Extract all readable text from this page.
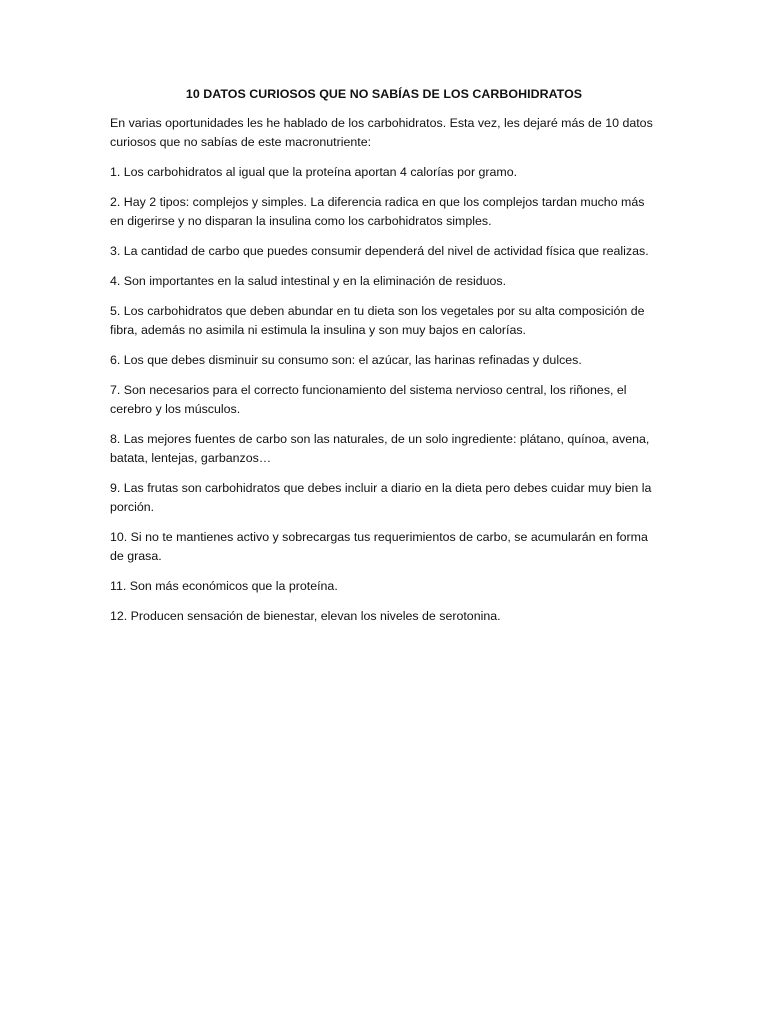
10 DATOS CURIOSOS QUE NO SABÍAS DE LOS CARBOHIDRATOS

En varias oportunidades les he hablado de los carbohidratos. Esta vez, les dejaré más de 10 datos curiosos que no sabías de este macronutriente:

1. Los carbohidratos al igual que la proteína aportan 4 calorías por gramo.
2. Hay 2 tipos: complejos y simples. La diferencia radica en que los complejos tardan mucho más en digerirse y no disparan la insulina como los carbohidratos simples.
3. La cantidad de carbo que puedes consumir dependerá del nivel de actividad física que realizas.
4. Son importantes en la salud intestinal y en la eliminación de residuos.
5. Los carbohidratos que deben abundar en tu dieta son los vegetales por su alta composición de fibra, además no asimila ni estimula la insulina y son muy bajos en calorías.
6. Los que debes disminuir su consumo son: el azúcar, las harinas refinadas y dulces.
7. Son necesarios para el correcto funcionamiento del sistema nervioso central, los riñones, el cerebro y los músculos.
8. Las mejores fuentes de carbo son las naturales, de un solo ingrediente: plátano, quínoa, avena, batata, lentejas, garbanzos…
9. Las frutas son carbohidratos que debes incluir a diario en la dieta pero debes cuidar muy bien la porción.
10. Si no te mantienes activo y sobrecargas tus requerimientos de carbo, se acumularán en forma de grasa.
11. Son más económicos que la proteína.
12. Producen sensación de bienestar, elevan los niveles de serotonina.
